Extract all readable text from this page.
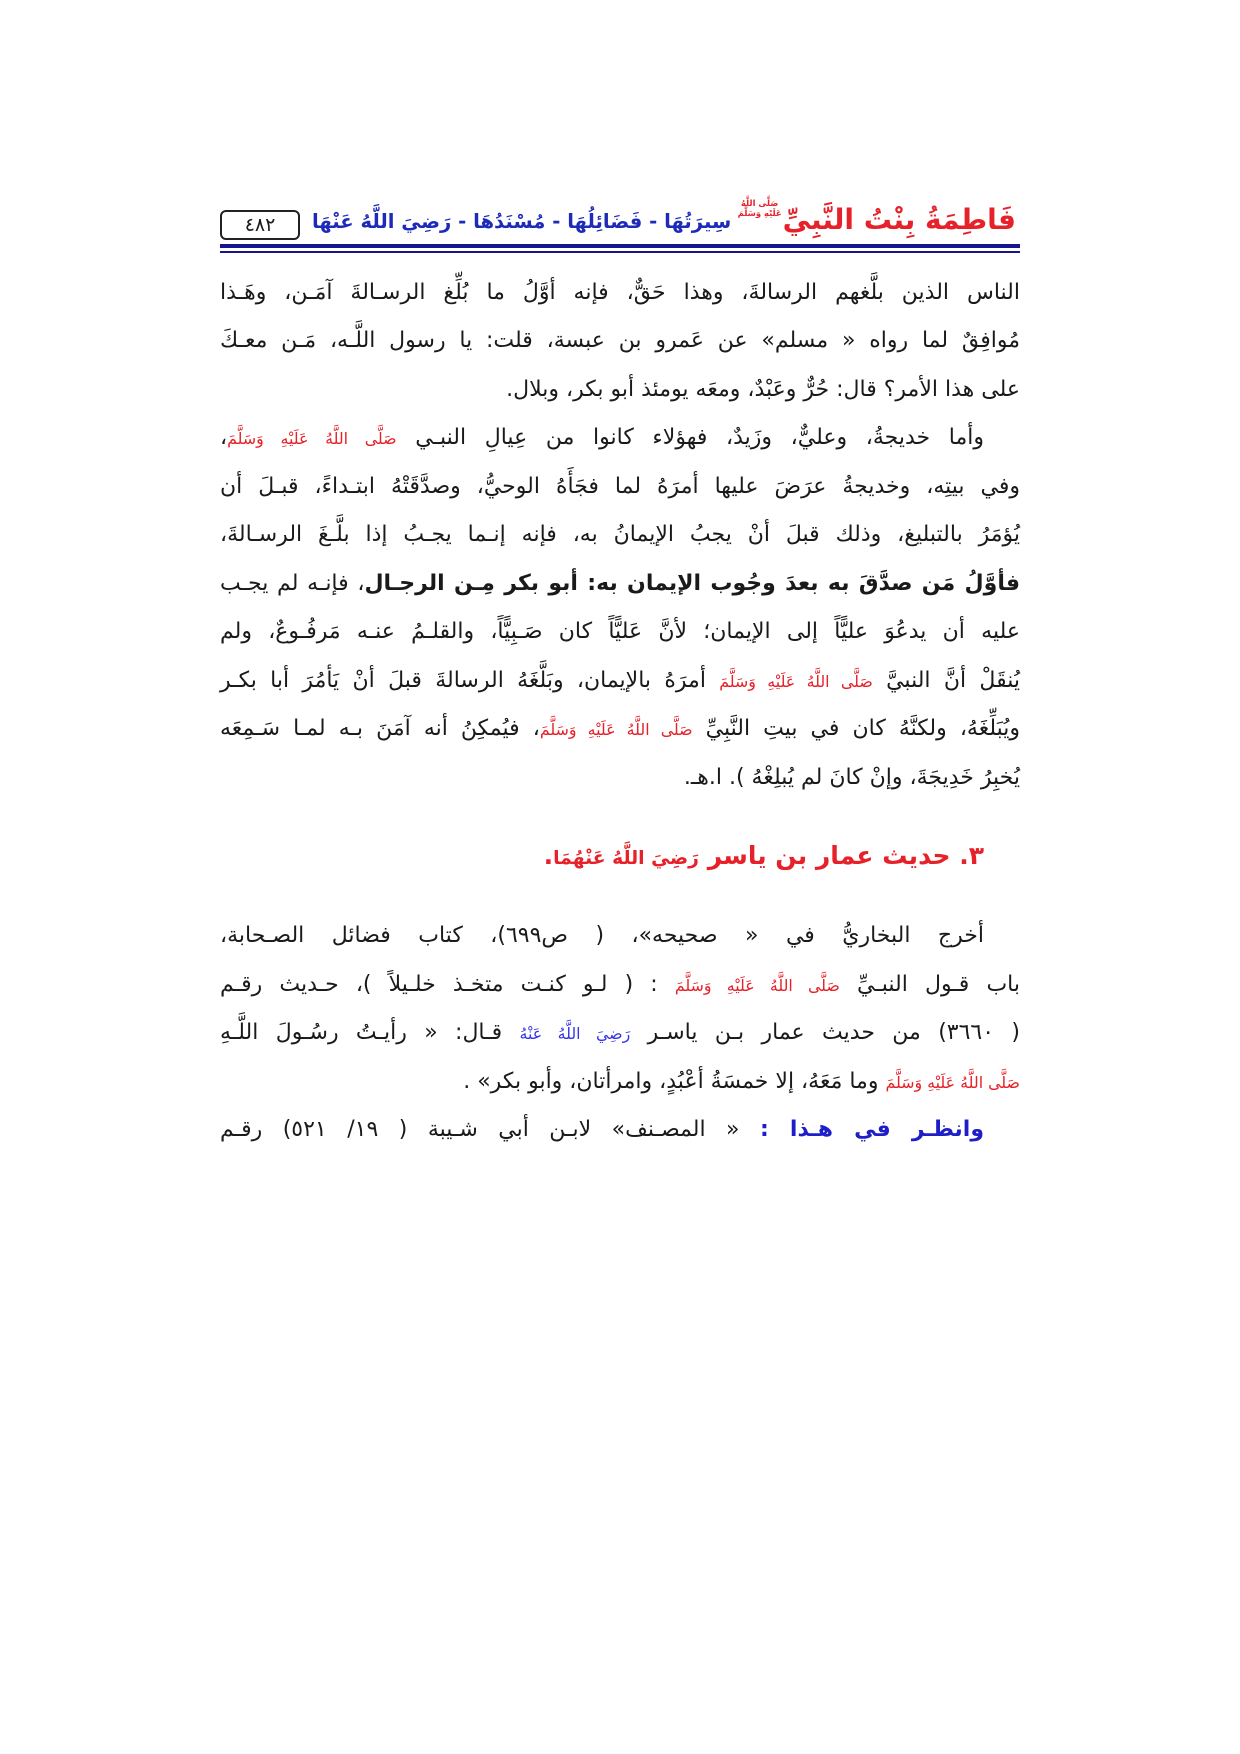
٤٨٢	فَاطِمَةُ بِنْتُ النَّبِيِّ
صَلَّى اللَّهُ عَلَيْهِ وَسَلَّمَ
سِيرَتُهَا - فَضَائِلُهَا - مُسْنَدُهَا - رَضِيَ اللَّهُ عَنْهَا
الناس الذين بلَّغهم الرسالةَ، وهذا حَقٌّ، فإنه أوَّلُ ما بُلِّغ الرسـالةَ آمَـن، وهَـذا
مُوافِقٌ لما رواه « مسلم» عن عَمرو بن عبسة، قلت: يا رسول اللَّـه، مَـن معـكَ
على هذا الأمر؟ قال: حُرٌّ وعَبْدٌ، ومعَه يومئذ أبو بكر، وبلال.
وأما خديجةُ، وعليٌّ، وزَيدٌ، فهؤلاء كانوا من عِيالِ النبـي صَلَّى اللَّهُ عَلَيْهِ وَسَلَّمَ،
وفي بيتِه، وخديجةُ عرَضَ عليها أمرَهُ لما فجَأَهُ الوحيُّ، وصدَّقَتْهُ ابتـداءً، قبـلَ أن
يُؤمَرُ بالتبليغ، وذلك قبلَ أنْ يجبُ الإيمانُ به، فإنه إنـما يجـبُ إذا بلَّـغَ الرسـالةَ،
فأوَّلُ مَن صدَّقَ به بعدَ وجُوب الإيمان به: أبو بكر مِـن الرجـال، فإنـه لم يجـب
عليه أن يدعُوَ عليًّاً إلى الإيمان؛ لأنَّ عَليًّاً كان صَـبِيًّاً، والقلـمُ عنـه مَرفُـوعٌ، ولم
يُنقَلْ أنَّ النبيَّ صَلَّى اللَّهُ عَلَيْهِ وَسَلَّمَ أمرَهُ بالإيمان، وبَلَّغَهُ الرسالةَ قبلَ أنْ يَأمُرَ أبا بكـر
ويُبَلِّغَهُ، ولكنَّهُ كان في بيتِ النَّبِيِّ صَلَّى اللَّهُ عَلَيْهِ وَسَلَّمَ، فيُمكِنُ أنه آمَنَ بـه لمـا سَـمِعَه
يُخبِرُ خَدِيجَةَ، وإنْ كانَ لم يُبلِغْهُ ). ا.هـ.
٣. حديث عمار بن ياسر رَضِيَ اللَّهُ عَنْهُمَا.
أخرج البخاريُّ في « صحيحه»، ( ص٦٩٩)، كتاب فضائل الصـحابة،
باب قـول النبـيِّ صَلَّى اللَّهُ عَلَيْهِ وَسَلَّمَ : ( لـو كنـت متخـذ خلـيلاً )، حـديث رقـم
( ٣٦٦٠) من حديث عمار بـن ياسـر رَضِيَ اللَّهُ عَنْهُ قـال: « رأيـتُ رسُـولَ اللَّـهِ
صَلَّى اللَّهُ عَلَيْهِ وَسَلَّمَ وما مَعَهُ، إلا خمسَةُ أعْبُدٍ، وامرأتان، وأبو بكر» .
وانظـر في هـذا : « المصـنف» لابـن أبي شـيبة ( ١٩/ ٥٢١) رقـم
